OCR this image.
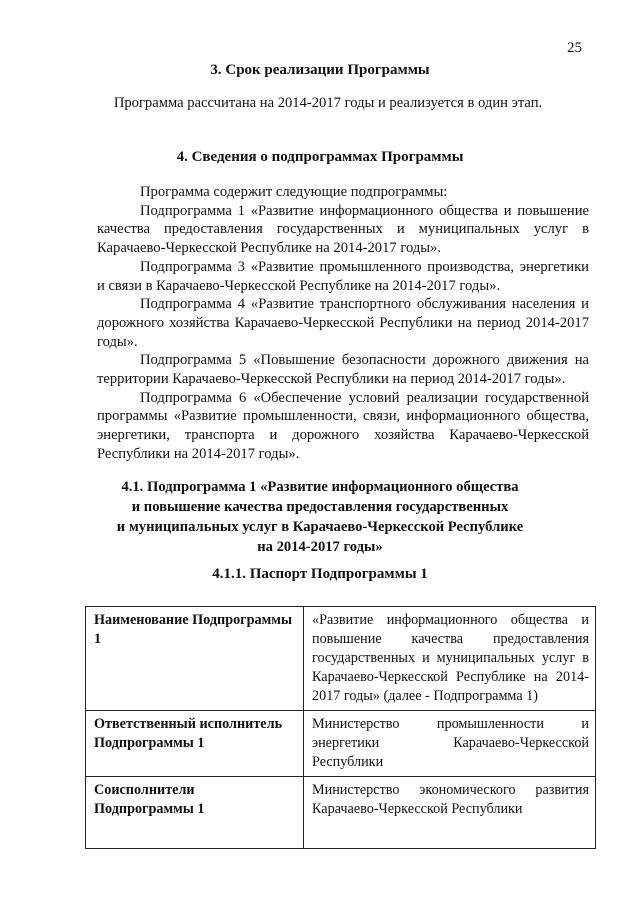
25
3. Срок реализации Программы
Программа рассчитана на 2014-2017 годы и реализуется в один этап.
4. Сведения о подпрограммах Программы

Программа содержит следующие подпрограммы:

Подпрограмма 1 «Развитие информационного общества и повышение качества предоставления государственных и муниципальных услуг в Карачаево-Черкесской Республике на 2014-2017 годы».

Подпрограмма 3 «Развитие промышленного производства, энергетики и связи в Карачаево-Черкесской Республике на 2014-2017 годы».

Подпрограмма 4 «Развитие транспортного обслуживания населения и дорожного хозяйства Карачаево-Черкесской Республики на период 2014-2017 годы».

Подпрограмма 5 «Повышение безопасности дорожного движения на территории Карачаево-Черкесской Республики на период 2014-2017 годы».

Подпрограмма 6 «Обеспечение условий реализации государственной программы «Развитие промышленности, связи, информационного общества, энергетики, транспорта и дорожного хозяйства Карачаево-Черкесской Республики на 2014-2017 годы».

4.1. Подпрограмма 1 «Развитие информационного общества
и повышение качества предоставления государственных
и муниципальных услуг в Карачаево-Черкесской Республике
на 2014-2017 годы»
4.1.1. Паспорт Подпрограммы 1
Наименование Подпрограммы 1	«Развитие информационного общества и повышение качества предоставления государственных и муниципальных услуг в Карачаево-Черкесской Республике на 2014-2017 годы» (далее - Подпрограмма 1)
Ответственный исполнитель Подпрограммы 1	Министерство промышленности и энергетики Карачаево-Черкесской Республики
Соисполнители Подпрограммы 1	Министерство экономического развития Карачаево-Черкесской Республики
